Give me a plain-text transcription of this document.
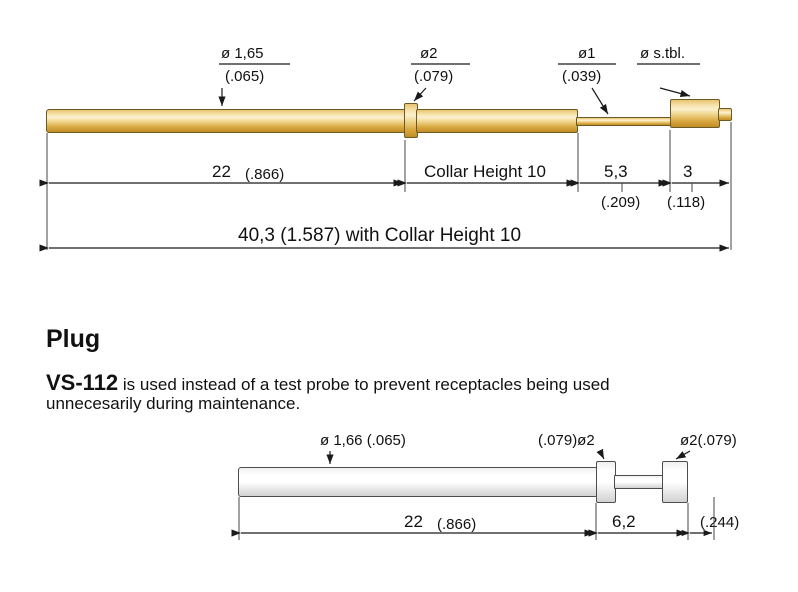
ø 1,65
(.065)
ø2
(.079)
ø1
(.039)
ø s.tbl.
22 (.866)	Collar Height 10	5,3
(.209)
3
(.118)
40,3 (1.587) with Collar Height 10
Plug
VS-112 is used instead of a test probe to prevent receptacles being used
unnecesarily during maintenance.
ø 1,66 (.065)	(.079)ø2	ø2(.079)
22 (.866)	6,2	(.244)
